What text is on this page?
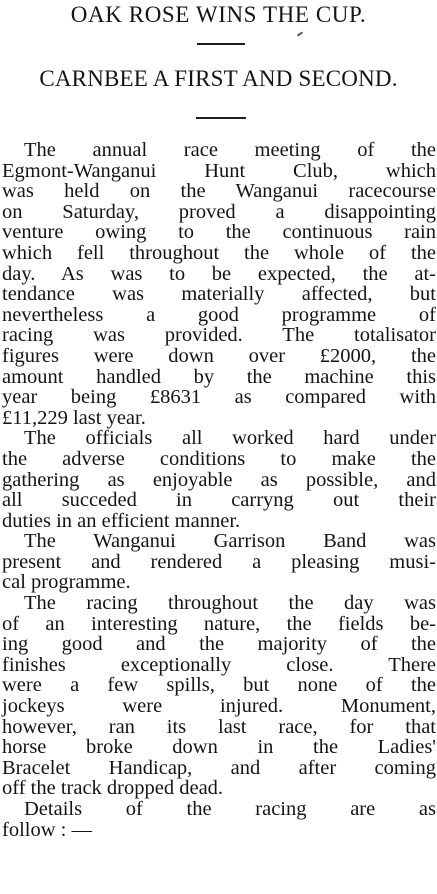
OAK ROSE WINS THE CUP.
CARNBEE A FIRST AND SECOND.
The annual race meeting of the
Egmont-Wanganui Hunt Club, which
was held on the Wanganui racecourse
on Saturday, proved a disappointing
venture owing to the continuous rain
which fell throughout the whole of the
day. As was to be expected, the at-
tendance was materially affected, but
nevertheless a good programme of
racing was provided. The totalisator
figures were down over £2000, the
amount handled by the machine this
year being £8631 as compared with
£11,229 last year.
The officials all worked hard under
the adverse conditions to make the
gathering as enjoyable as possible, and
all succeded in carryng out their
duties in an efficient manner.
The Wanganui Garrison Band was
present and rendered a pleasing musi-
cal programme.
The racing throughout the day was
of an interesting nature, the fields be-
ing good and the majority of the
finishes exceptionally close. There
were a few spills, but none of the
jockeys were injured. Monument,
however, ran its last race, for that
horse broke down in the Ladies'
Bracelet Handicap, and after coming
off the track dropped dead.
Details of the racing are as
follow : —
